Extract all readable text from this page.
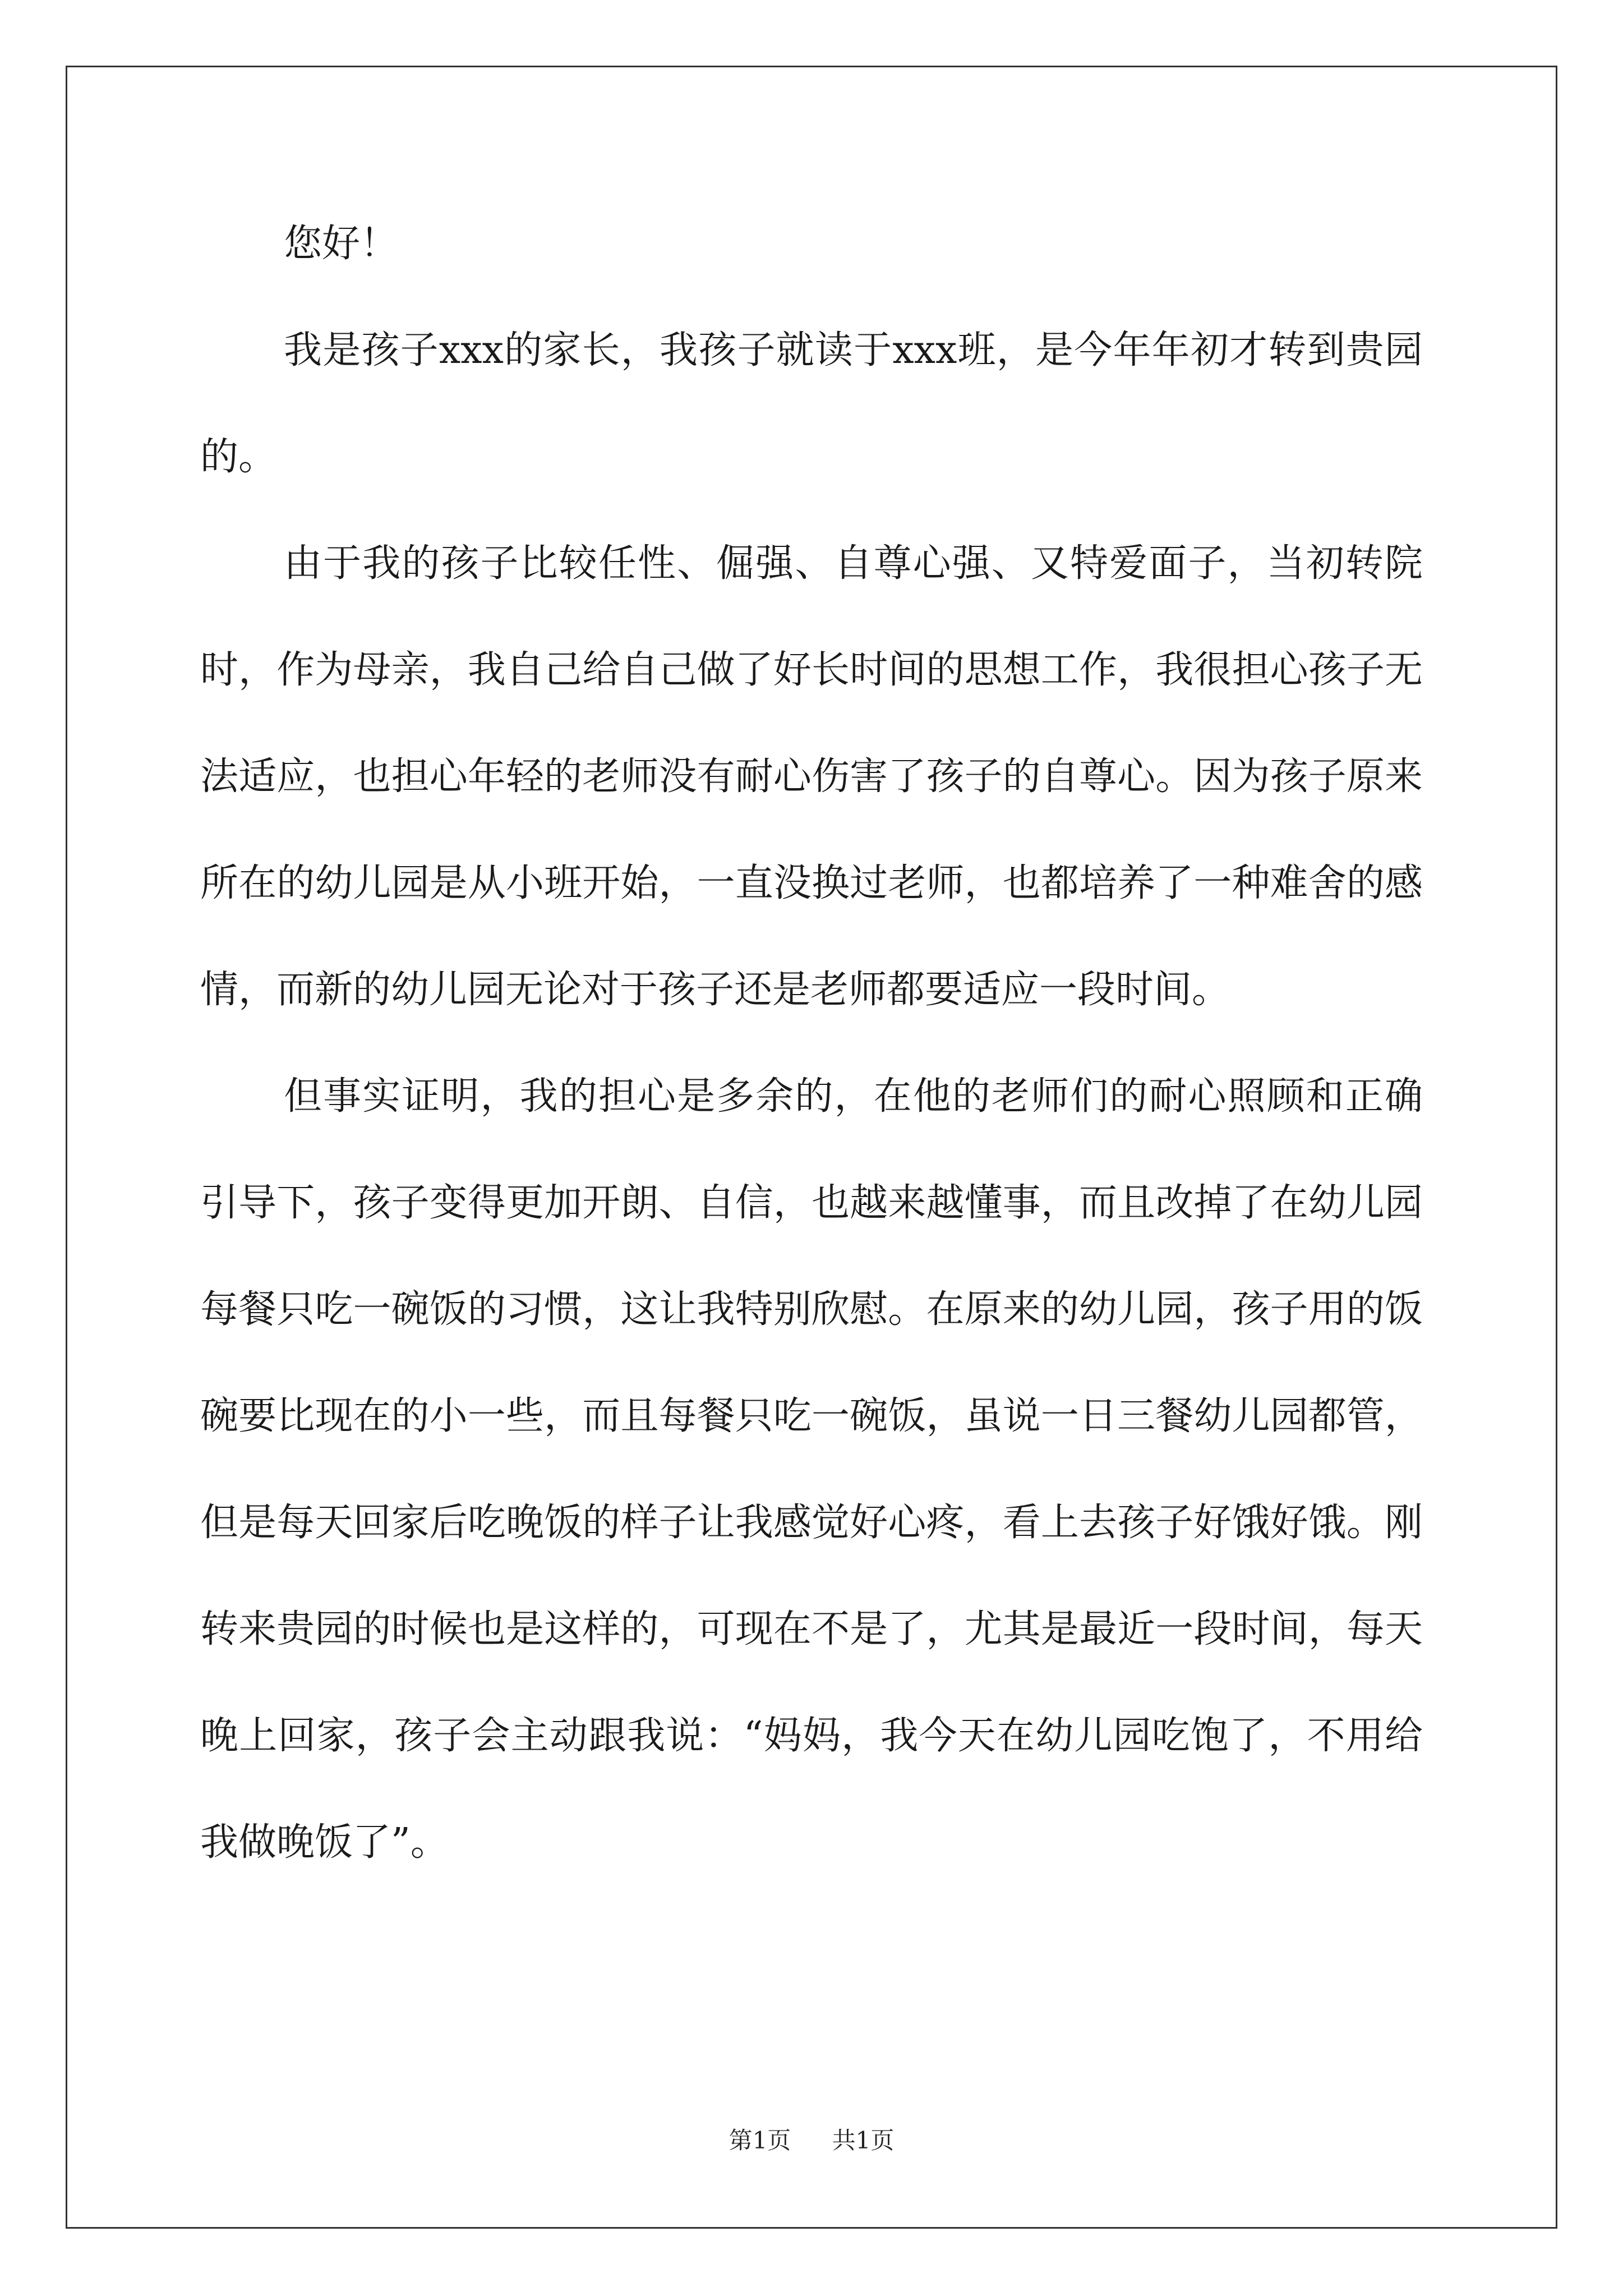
您好！

我是孩子xxx的家长，我孩子就读于xxx班，是今年年初才转到贵园的。

由于我的孩子比较任性、倔强、自尊心强、又特爱面子，当初转院时，作为母亲，我自己给自己做了好长时间的思想工作，我很担心孩子无法适应，也担心年轻的老师没有耐心伤害了孩子的自尊心。因为孩子原来所在的幼儿园是从小班开始，一直没换过老师，也都培养了一种难舍的感情，而新的幼儿园无论对于孩子还是老师都要适应一段时间。

但事实证明，我的担心是多余的，在他的老师们的耐心照顾和正确引导下，孩子变得更加开朗、自信，也越来越懂事，而且改掉了在幼儿园每餐只吃一碗饭的习惯，这让我特别欣慰。在原来的幼儿园，孩子用的饭碗要比现在的小一些，而且每餐只吃一碗饭，虽说一日三餐幼儿园都管，但是每天回家后吃晚饭的样子让我感觉好心疼，看上去孩子好饿好饿。刚转来贵园的时候也是这样的，可现在不是了，尤其是最近一段时间，每天晚上回家，孩子会主动跟我说：“妈妈，我今天在幼儿园吃饱了，不用给我做晚饭了”。

第1页 共1页
